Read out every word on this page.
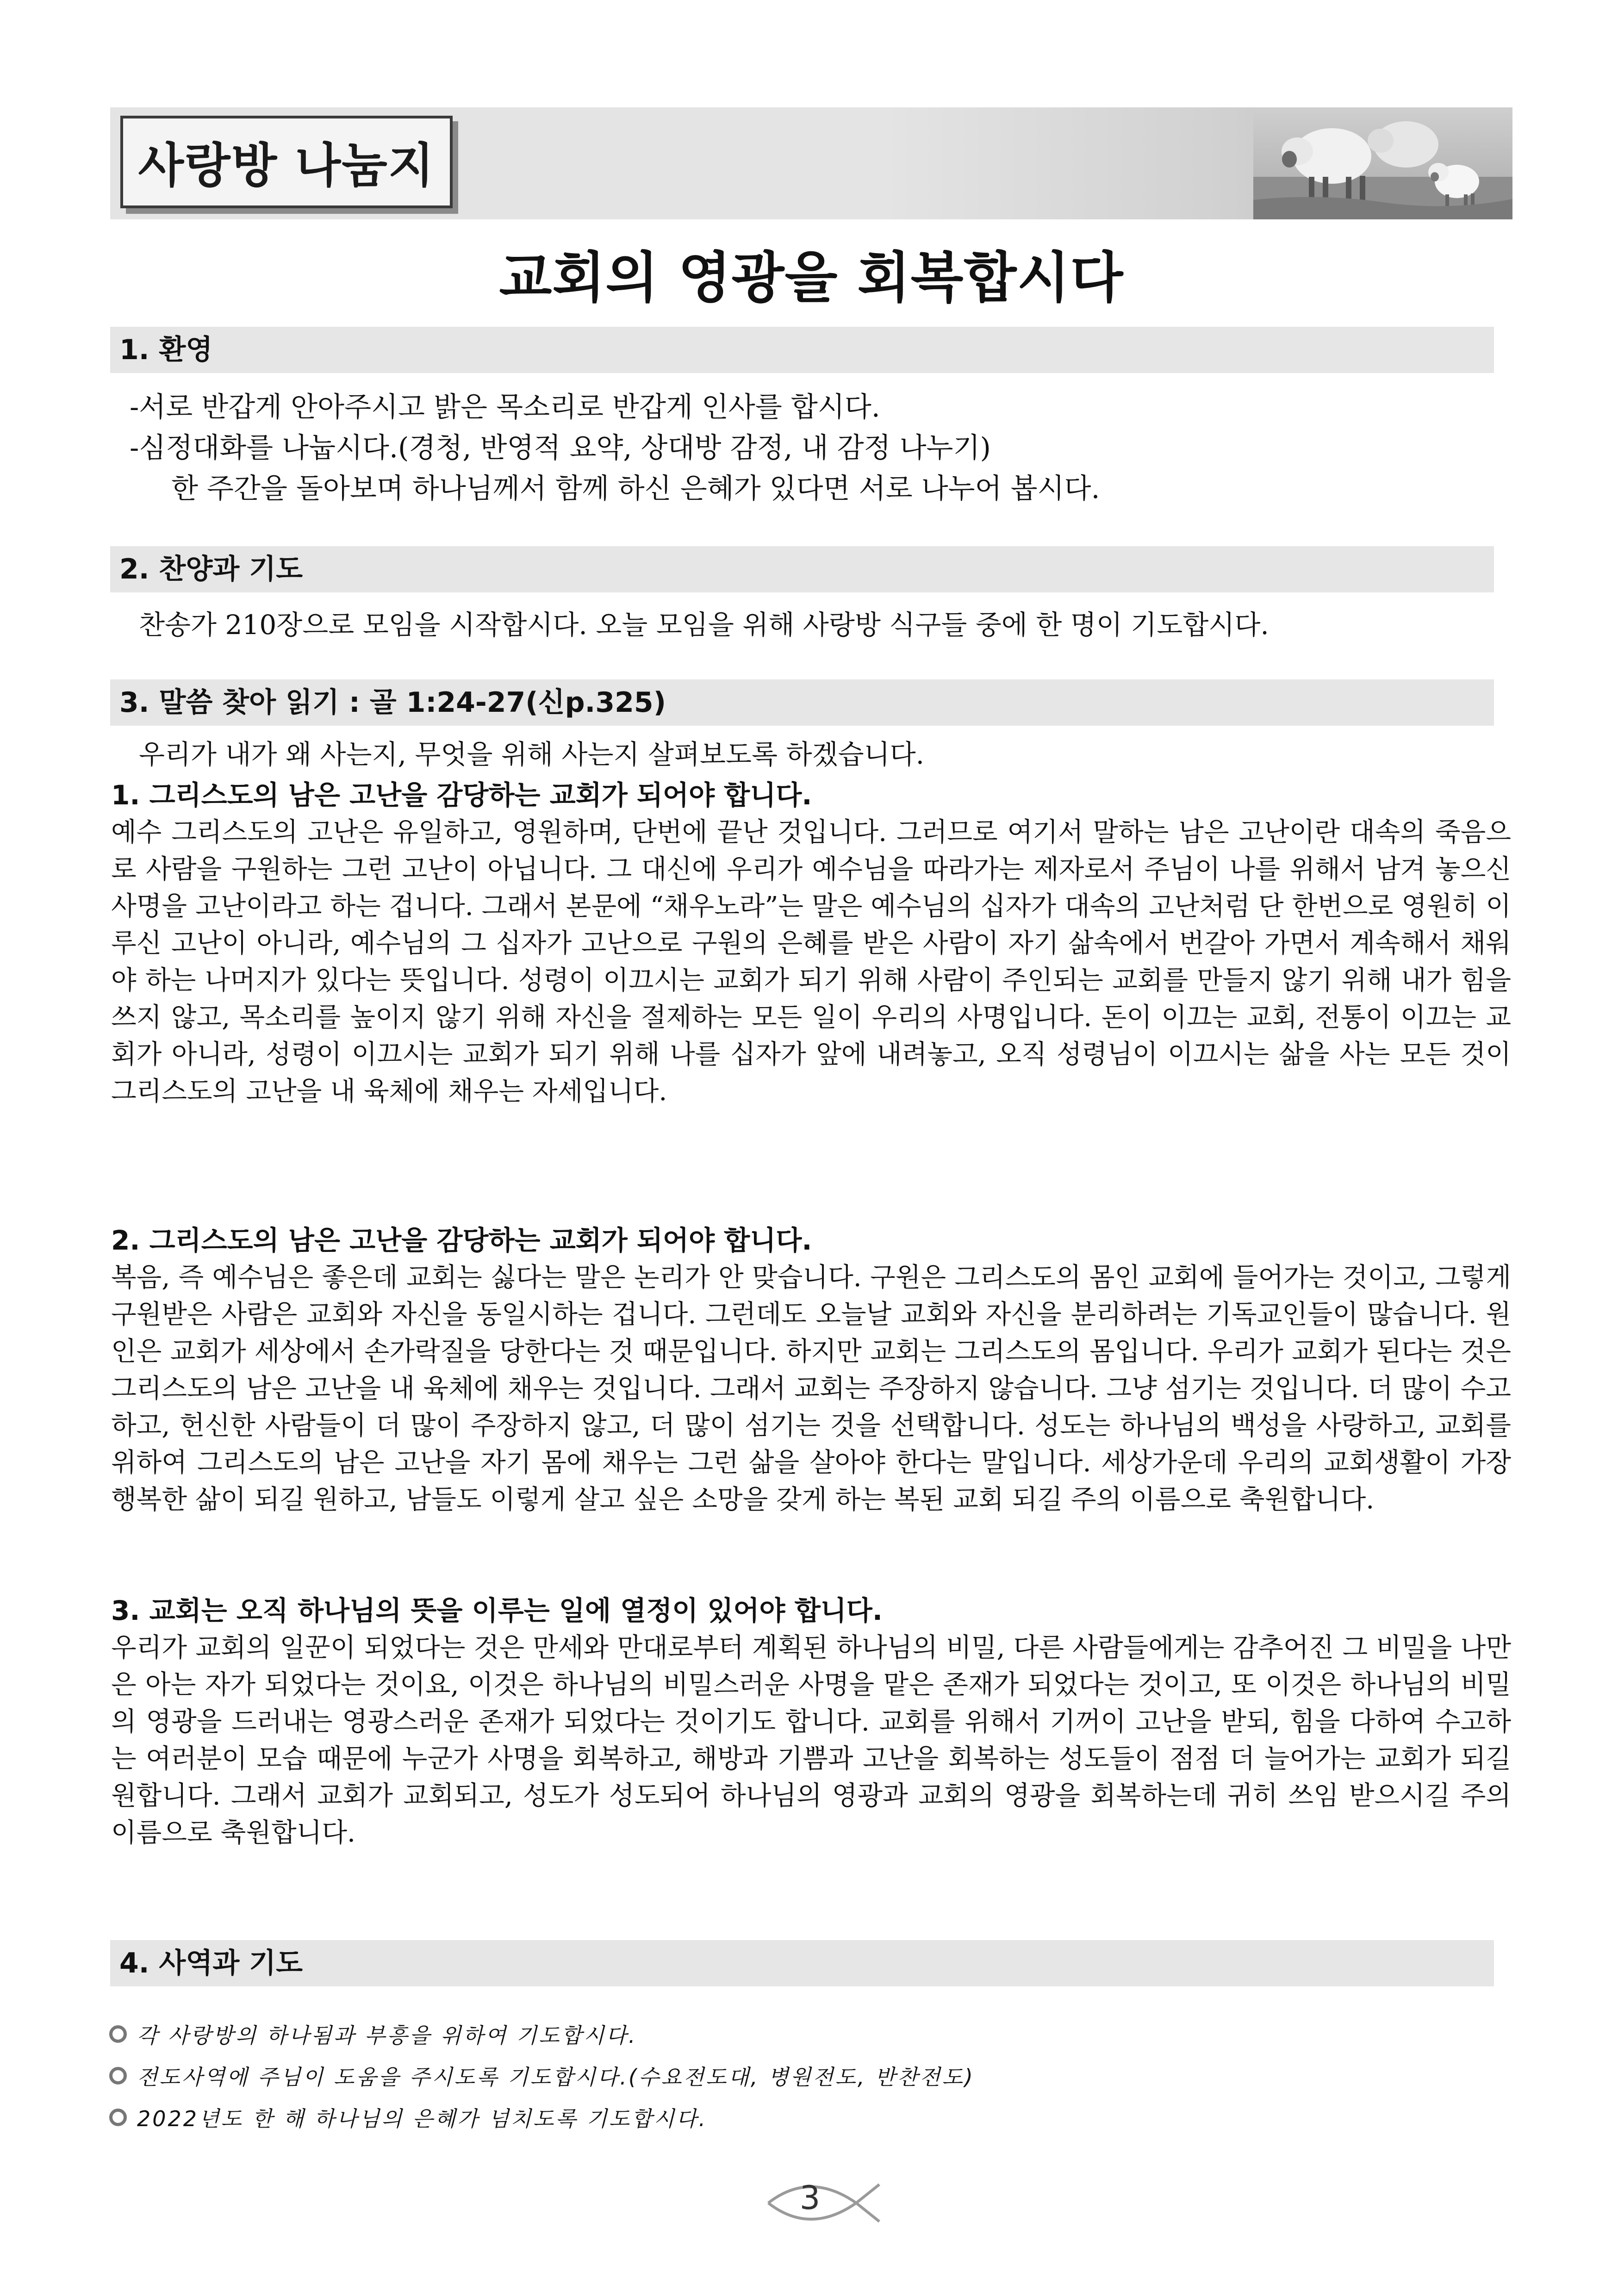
사랑방 나눔지
교회의 영광을 회복합시다
1. 환영
-서로 반갑게 안아주시고 밝은 목소리로 반갑게 인사를 합시다.
-심정대화를 나눕시다.(경청, 반영적 요약, 상대방 감정, 내 감정 나누기)
한 주간을 돌아보며 하나님께서 함께 하신 은혜가 있다면 서로 나누어 봅시다.
2. 찬양과 기도
찬송가 210장으로 모임을 시작합시다. 오늘 모임을 위해 사랑방 식구들 중에 한 명이 기도합시다.
3. 말씀 찾아 읽기 : 골 1:24-27(신p.325)
우리가 내가 왜 사는지, 무엇을 위해 사는지 살펴보도록 하겠습니다.
1. 그리스도의 남은 고난을 감당하는 교회가 되어야 합니다.
예수 그리스도의 고난은 유일하고, 영원하며, 단번에 끝난 것입니다. 그러므로 여기서 말하는 남은 고난이란 대속의 죽음으로 사람을 구원하는 그런 고난이 아닙니다. 그 대신에 우리가 예수님을 따라가는 제자로서 주님이 나를 위해서 남겨 놓으신 사명을 고난이라고 하는 겁니다. 그래서 본문에 “채우노라”는 말은 예수님의 십자가 대속의 고난처럼 단 한번으로 영원히 이루신 고난이 아니라, 예수님의 그 십자가 고난으로 구원의 은혜를 받은 사람이 자기 삶속에서 번갈아 가면서 계속해서 채워야 하는 나머지가 있다는 뜻입니다. 성령이 이끄시는 교회가 되기 위해 사람이 주인되는 교회를 만들지 않기 위해 내가 힘을 쓰지 않고, 목소리를 높이지 않기 위해 자신을 절제하는 모든 일이 우리의 사명입니다. 돈이 이끄는 교회, 전통이 이끄는 교회가 아니라, 성령이 이끄시는 교회가 되기 위해 나를 십자가 앞에 내려놓고, 오직 성령님이 이끄시는 삶을 사는 모든 것이 그리스도의 고난을 내 육체에 채우는 자세입니다.
2. 그리스도의 남은 고난을 감당하는 교회가 되어야 합니다.
복음, 즉 예수님은 좋은데 교회는 싫다는 말은 논리가 안 맞습니다. 구원은 그리스도의 몸인 교회에 들어가는 것이고, 그렇게 구원받은 사람은 교회와 자신을 동일시하는 겁니다. 그런데도 오늘날 교회와 자신을 분리하려는 기독교인들이 많습니다. 원인은 교회가 세상에서 손가락질을 당한다는 것 때문입니다. 하지만 교회는 그리스도의 몸입니다. 우리가 교회가 된다는 것은 그리스도의 남은 고난을 내 육체에 채우는 것입니다. 그래서 교회는 주장하지 않습니다. 그냥 섬기는 것입니다. 더 많이 수고하고, 헌신한 사람들이 더 많이 주장하지 않고, 더 많이 섬기는 것을 선택합니다. 성도는 하나님의 백성을 사랑하고, 교회를 위하여 그리스도의 남은 고난을 자기 몸에 채우는 그런 삶을 살아야 한다는 말입니다. 세상가운데 우리의 교회생활이 가장 행복한 삶이 되길 원하고, 남들도 이렇게 살고 싶은 소망을 갖게 하는 복된 교회 되길 주의 이름으로 축원합니다.
3. 교회는 오직 하나님의 뜻을 이루는 일에 열정이 있어야 합니다.
우리가 교회의 일꾼이 되었다는 것은 만세와 만대로부터 계획된 하나님의 비밀, 다른 사람들에게는 감추어진 그 비밀을 나만은 아는 자가 되었다는 것이요, 이것은 하나님의 비밀스러운 사명을 맡은 존재가 되었다는 것이고, 또 이것은 하나님의 비밀의 영광을 드러내는 영광스러운 존재가 되었다는 것이기도 합니다. 교회를 위해서 기꺼이 고난을 받되, 힘을 다하여 수고하는 여러분이 모습 때문에 누군가 사명을 회복하고, 해방과 기쁨과 고난을 회복하는 성도들이 점점 더 늘어가는 교회가 되길 원합니다. 그래서 교회가 교회되고, 성도가 성도되어 하나님의 영광과 교회의 영광을 회복하는데 귀히 쓰임 받으시길 주의 이름으로 축원합니다.
4. 사역과 기도
각 사랑방의 하나됨과 부흥을 위하여 기도합시다.
전도사역에 주님이 도움을 주시도록 기도합시다.(수요전도대, 병원전도, 반찬전도)
2022년도 한 해 하나님의 은혜가 넘치도록 기도합시다.
3
